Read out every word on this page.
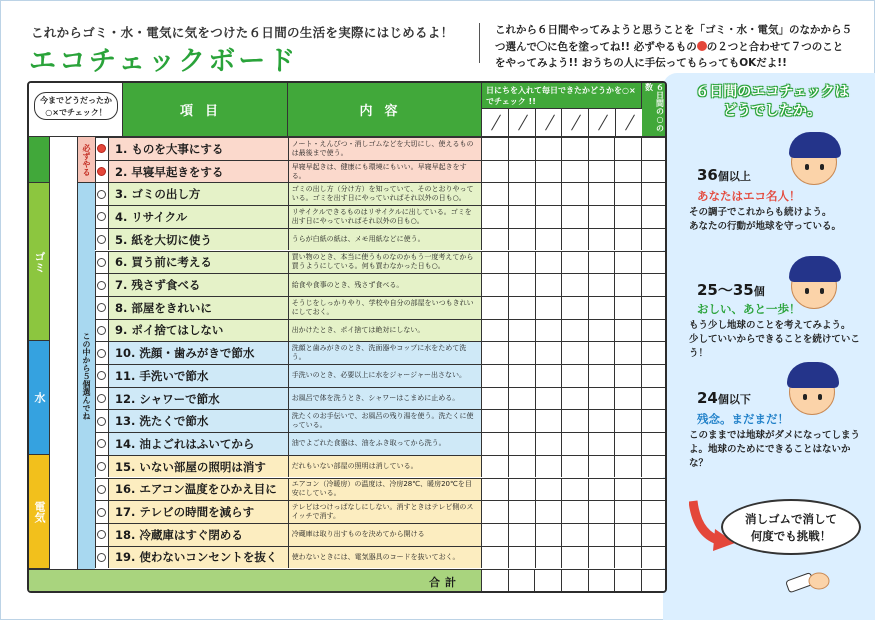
これからゴミ・水・電気に気をつけた６日間の生活を実際にはじめるよ！
エコチェックボード
これから６日間やってみようと思うことを「ゴミ・水・電気」のなかから５
つ選んで に色を塗ってね!! 必ずやるもの の２つと合わせて７つのこと
をやってみよう!! おうちの人に手伝ってもらってもOKだよ!!
今までどうだったか
○×でチェック！	項目	内容
日にちを入れて毎日できたかどうかを○×でチェック !!	６日間の○の数
ゴミ
水
電気
必ずやる
この中から５個選んでね
1. ものを大事にする	ノート・えんぴつ・消しゴムなどを大切にし、使えるものは最後まで使う。
2. 早寝早起きをする	早寝早起きは、健康にも環境にもいい。早寝早起きをする。
3. ゴミの出し方	ゴミの出し方（分け方）を知っていて、そのとおりやっている。ゴミを出す日にやっていればそれ以外の日も○。
4. リサイクル	リサイクルできるものはリサイクルに出している。ゴミを出す日にやっていればそれ以外の日も○。
5. 紙を大切に使う	うらが白紙の紙は、メモ用紙などに使う。
6. 買う前に考える	買い物のとき、本当に使うものなのかもう一度考えてから買うようにしている。何も買わなかった日も○。
7. 残さず食べる	給食や食事のとき、残さず食べる。
8. 部屋をきれいに	そうじをしっかりやり、学校や自分の部屋をいつもきれいにしておく。
9. ポイ捨てはしない	出かけたとき、ポイ捨ては絶対にしない。
10. 洗顔・歯みがきで節水	洗顔と歯みがきのとき、洗面器やコップに水をためて洗う。
11. 手洗いで節水	手洗いのとき、必要以上に水をジャージャー出さない。
12. シャワーで節水	お風呂で体を洗うとき、シャワーはこまめに止める。
13. 洗たくで節水	洗たくのお手伝いで、お風呂の残り湯を使う。洗たくに使っている。
14. 油よごれはふいてから	油でよごれた食器は、油をふき取ってから洗う。
15. いない部屋の照明は消す	だれもいない部屋の照明は消している。
16. エアコン温度をひかえ目に	エアコン（冷暖房）の温度は、冷房28℃、暖房20℃を目安にしている。
17. テレビの時間を減らす	テレビはつけっぱなしにしない。消すときはテレビ側のスイッチで消す。
18. 冷蔵庫はすぐ閉める	冷蔵庫は取り出すものを決めてから開ける
19. 使わないコンセントを抜く	使わないときには、電気器具のコードを抜いておく。
合計
６日間のエコチェックは
どうでしたか。
36個以上
あなたはエコ名人！
その調子でこれからも続けよう。
あなたの行動が地球を守っている。
25～35個
おしい、あと一歩！
もう少し地球のことを考えてみよう。
少していいからできることを続けていこう！
24個以下
残念。まだまだ！
このままでは地球がダメになってしまうよ。地球のためにできることはないかな？
消しゴムで消して
何度でも挑戦！
